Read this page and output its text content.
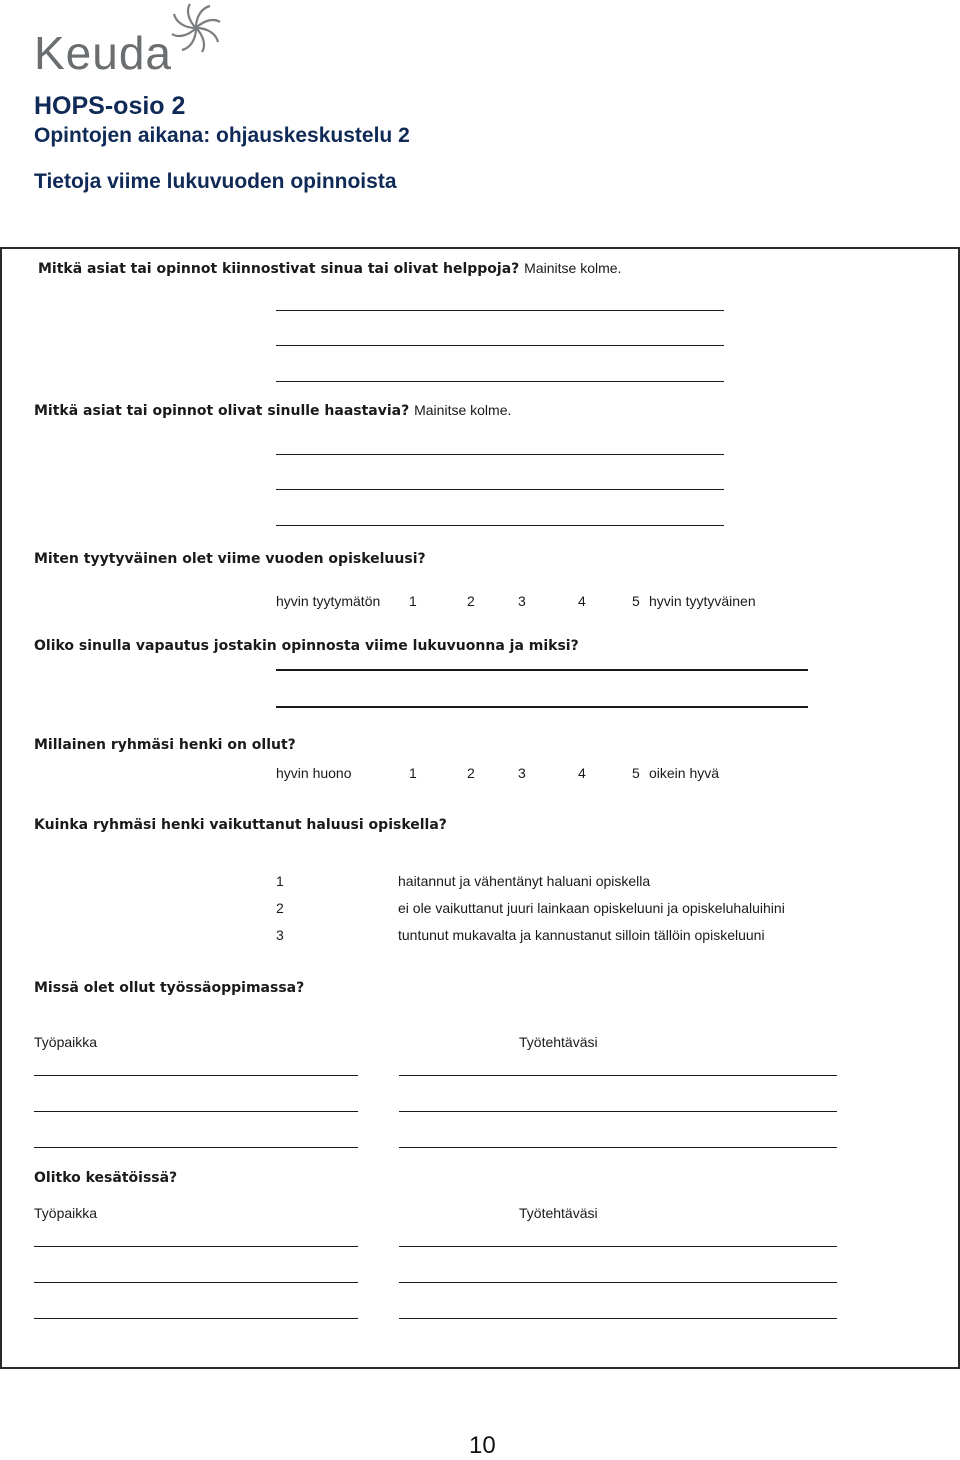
Keuda
HOPS-osio 2
Opintojen aikana: ohjauskeskustelu 2
Tietoja viime lukuvuoden opinnoista
Mitkä asiat tai opinnot kiinnostivat sinua tai olivat helppoja? Mainitse kolme.
Mitkä asiat tai opinnot olivat sinulle haastavia? Mainitse kolme.
Miten tyytyväinen olet viime vuoden opiskeluusi?
hyvin tyytymätön 1	2	3	4	5 hyvin tyytyväinen
Oliko sinulla vapautus jostakin opinnosta viime lukuvuonna ja miksi?
Millainen ryhmäsi henki on ollut?
hyvin huono	1	2	3	4	5 oikein hyvä
Kuinka ryhmäsi henki vaikuttanut haluusi opiskella?
1	haitannut ja vähentänyt haluani opiskella
2	ei ole vaikuttanut juuri lainkaan opiskeluuni ja opiskeluhaluihini
3	tuntunut mukavalta ja kannustanut silloin tällöin opiskeluuni
Missä olet ollut työssäoppimassa?
Työpaikka	Työtehtäväsi
Olitko kesätöissä?
Työpaikka	Työtehtäväsi
10
